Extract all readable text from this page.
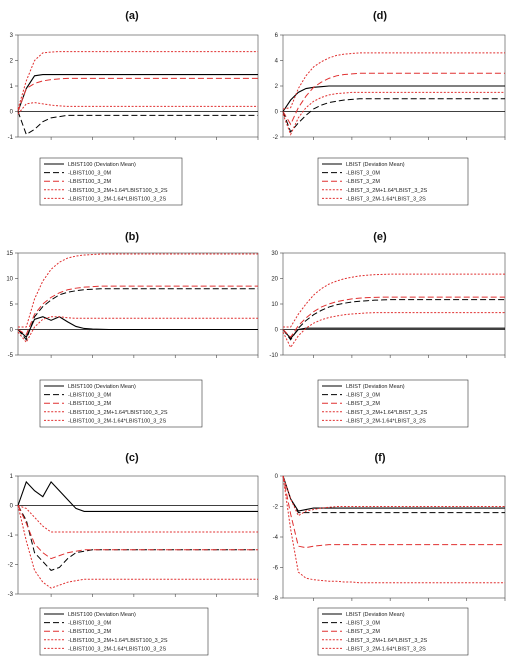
(a)
-1
0
1
2
3
LBIST100 (Deviation Mean)
-LBIST100_3_0M
-LBIST100_3_2M
-LBIST100_3_2M+1.64*LBIST100_3_2S
-LBIST100_3_2M-1.64*LBIST100_3_2S
(d)
-2
0
2
4
6
LBIST (Deviation Mean)
-LBIST_3_0M
-LBIST_3_2M
-LBIST_3_2M+1.64*LBIST_3_2S
-LBIST_3_2M-1.64*LBIST_3_2S
(b)
-5
0
5
10
15
LBIST100 (Deviation Mean)
-LBIST100_3_0M
-LBIST100_3_2M
-LBIST100_3_2M+1.64*LBIST100_3_2S
-LBIST100_3_2M-1.64*LBIST100_3_2S
(e)
-10
0
10
20
30
LBIST (Deviation Mean)
-LBIST_3_0M
-LBIST_3_2M
-LBIST_3_2M+1.64*LBIST_3_2S
-LBIST_3_2M-1.64*LBIST_3_2S
(c)
-3
-2
-1
0
1
LBIST100 (Deviation Mean)
-LBIST100_3_0M
-LBIST100_3_2M
-LBIST100_3_2M+1.64*LBIST100_3_2S
-LBIST100_3_2M-1.64*LBIST100_3_2S
(f)
-8
-6
-4
-2
0
LBIST (Deviation Mean)
-LBIST_3_0M
-LBIST_3_2M
-LBIST_3_2M+1.64*LBIST_3_2S
-LBIST_3_2M-1.64*LBIST_3_2S
